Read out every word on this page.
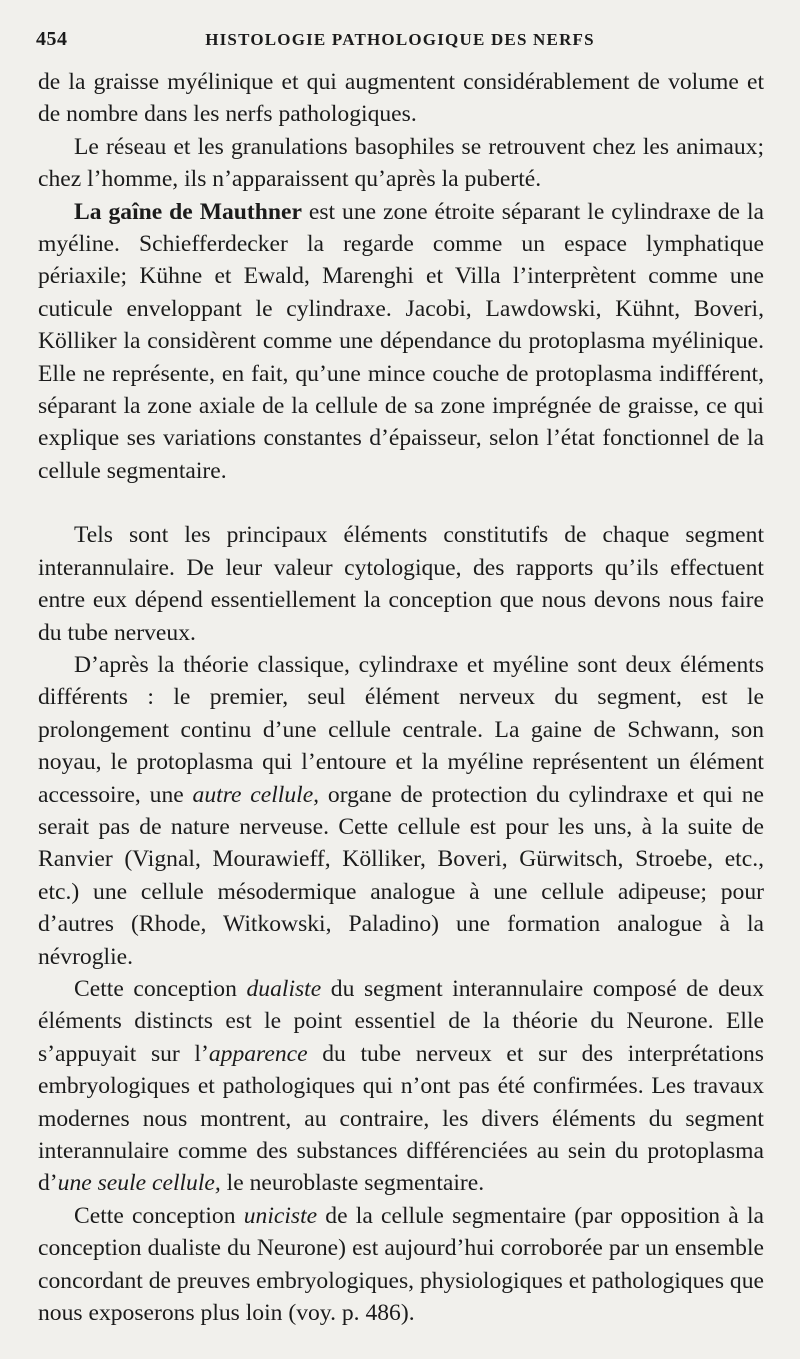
454	HISTOLOGIE PATHOLOGIQUE DES NERFS

de la graisse myélinique et qui augmentent considérablement de volume et de nombre dans les nerfs pathologiques.

Le réseau et les granulations basophiles se retrouvent chez les animaux; chez l’homme, ils n’apparaissent qu’après la puberté.

La gaîne de Mauthner est une zone étroite séparant le cylindraxe de la myéline. Schiefferdecker la regarde comme un espace lymphatique périaxile; Kühne et Ewald, Marenghi et Villa l’interprètent comme une cuticule enveloppant le cylindraxe. Jacobi, Lawdowski, Kühnt, Boveri, Kölliker la considèrent comme une dépendance du protoplasma myélinique. Elle ne représente, en fait, qu’une mince couche de protoplasma indifférent, séparant la zone axiale de la cellule de sa zone imprégnée de graisse, ce qui explique ses variations constantes d’épaisseur, selon l’état fonctionnel de la cellule segmentaire.

Tels sont les principaux éléments constitutifs de chaque segment interannulaire. De leur valeur cytologique, des rapports qu’ils effectuent entre eux dépend essentiellement la conception que nous devons nous faire du tube nerveux.

D’après la théorie classique, cylindraxe et myéline sont deux éléments différents : le premier, seul élément nerveux du segment, est le prolongement continu d’une cellule centrale. La gaine de Schwann, son noyau, le protoplasma qui l’entoure et la myéline représentent un élément accessoire, une autre cellule, organe de protection du cylindraxe et qui ne serait pas de nature nerveuse. Cette cellule est pour les uns, à la suite de Ranvier (Vignal, Mourawieff, Kölliker, Boveri, Gürwitsch, Stroebe, etc., etc.) une cellule mésodermique analogue à une cellule adipeuse; pour d’autres (Rhode, Witkowski, Paladino) une formation analogue à la névroglie.

Cette conception dualiste du segment interannulaire composé de deux éléments distincts est le point essentiel de la théorie du Neurone. Elle s’appuyait sur l’apparence du tube nerveux et sur des interprétations embryologiques et pathologiques qui n’ont pas été confirmées. Les travaux modernes nous montrent, au contraire, les divers éléments du segment interannulaire comme des substances différenciées au sein du protoplasma d’une seule cellule, le neuroblaste segmentaire.

Cette conception uniciste de la cellule segmentaire (par opposition à la conception dualiste du Neurone) est aujourd’hui corroborée par un ensemble concordant de preuves embryologiques, physiologiques et pathologiques que nous exposerons plus loin (voy. p. 486).
